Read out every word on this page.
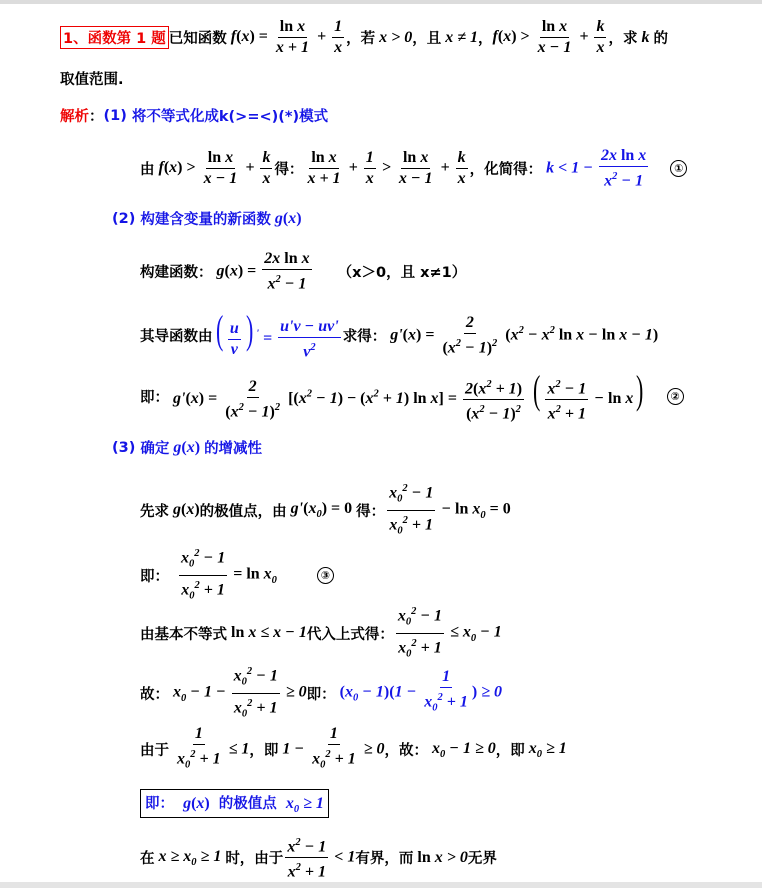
1、函数第 1 题 已知函数 $f(x) = \frac{\text{ln x}}{x + 1} + \frac{1}{x}$ ，若 x > 0 ，且 x ≠ 1 ， $f(x) > \frac{\text{ln x}}{x - 1} + \frac{k}{x}$ ，求 k 的
取值范围.
解析 ： (1)
将不等式化成 k(>=<)(*)模式
由 $f(x) > \frac{\text{ln x}}{x - 1} + \frac{k}{x}$ 得： $\frac{\text{ln x}}{x + 1} + \frac{1}{x} > \frac{\text{ln x}}{x - 1} + \frac{k}{x}$ ，化简得： $k < 1 - \frac{\text{2x ln x}}{x^2 - 1}$	①
(2)
构建含变量的新函数 g(x)
构建函数： $g(x) = \frac{\text{2x ln x}}{x^2 - 1} (x>0$，且 x≠1）
其导函数由 ( $\frac{u}{v}$ ) $' = \frac{u'v - uv'}{v^2}$ 求得： $g'(x) = \frac{2}{(x^2 - 1)^2} (x^2 - x^2$ ln x − ln x − 1)
即： $g'(x) = \frac{2}{(x^2 - 1)^2} [(x^2 - 1) - (x^2 + 1)$ $\ln x] = \frac{2(x^2 + 1)}{(x^2 - 1)^2}$ ( $\frac{x^2 - 1}{x^2 + 1} - \ln x$)	②
(3)
确定 g(x) 的增减性
先求 g(x) 的极值点，由 $g'(x_0) = 0$ 得： $\frac{x_0^2 - 1}{x_0^2 + 1} - \ln x_0 = 0$
即：
$\frac{x_0^2 - 1}{x_0^2 + 1} = \ln x_0$	③
由基本不等式 ln x ≤ x − 1 代入上式得： $\frac{x_0^2 - 1}{x_0^2 + 1} \le x_0 - 1$
故： $x_0 - 1 - \frac{x_0^2 - 1}{x_0^2 + 1} \ge 0$ 即： $(x_0 - 1)(1 - \frac{1}{x_0^2 + 1}$ ) ≥ 0
由于
$\frac{1}{x_0^2 + 1} \le 1$ ，即 $1 - \frac{1}{x_0^2 + 1} \ge 0$ ，故： $x_0 - 1 \ge 0$ ，即 $x_0 \ge 1$
即：  g(x) 的极值点  $x_0 \ge 1$
在 $x \ge x_0 \ge 1$ 时，由于 $\frac{x^2 - 1}{x^2 + 1} < 1$ 有界，而 ln x > 0 无界
